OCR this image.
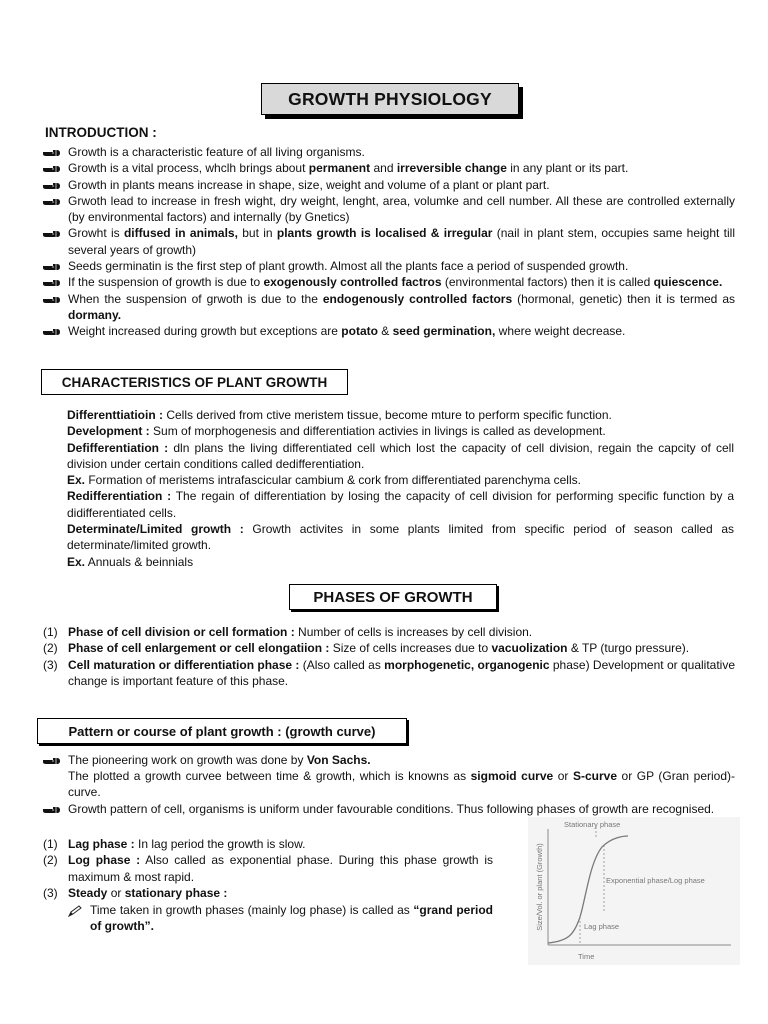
GROWTH PHYSIOLOGY
INTRODUCTION :
Growth is a characteristic feature of all living organisms.
Growth is a vital process, whclh brings about permanent and irreversible change in any plant or its part.
Growth in plants means increase in shape, size, weight and volume of a plant or plant part.
Grwoth lead to increase in fresh wight, dry weight, lenght, area, volumke and cell number. All these are controlled externally (by environmental factors) and internally (by Gnetics)
Growht is diffused in animals, but in plants growth is localised & irregular (nail in plant stem, occupies same height till several years of growth)
Seeds germinatin is the first step of plant growth. Almost all the plants face a period of suspended growth.
If the suspension of growth is due to exogenously controlled factros (environmental factors) then it is called quiescence.
When the suspension of grwoth is due to the endogenously controlled factors (hormonal, genetic) then it is termed as dormany.
Weight increased during growth but exceptions are potato & seed germination, where weight decrease.
CHARACTERISTICS OF PLANT GROWTH

Differenttiatioin : Cells derived from ctive meristem tissue, become mture to perform specific function.

Development : Sum of morphogenesis and differentiation activies in livings is called as development.

Defifferentiation : dln plans the living differentiated cell which lost the capacity of cell division, regain the capcity of cell division under certain conditions called dedifferentiation.

Ex. Formation of meristems intrafascicular cambium & cork from differentiated parenchyma cells.

Redifferentiation : The regain of differentiation by losing the capacity of cell division for performing specific function by a didifferentiated cells.

Determinate/Limited growth : Growth activites in some plants limited from specific period of season called as determinate/limited growth.

Ex. Annuals & beinnials

PHASES OF GROWTH
(1) Phase of cell division or cell formation : Number of cells is increases by cell division.
(2) Phase of cell enlargement or cell elongatiion : Size of cells increases due to vacuolization & TP (turgo pressure).
(3) Cell maturation or differentiation phase : (Also called as morphogenetic, organogenic phase) Development or qualitative change is important feature of this phase.
Pattern or course of plant growth : (growth curve)
The pioneering work on growth was done by Von Sachs.
The plotted a growth curvee between time & growth, which is knowns as sigmoid curve or S-curve or GP (Gran period)-curve.
Growth pattern of cell, organisms is uniform under favourable conditions. Thus following phases of growth are recognised.
(1) Lag phase : In lag period the growth is slow.
(2) Log phase : Also called as exponential phase. During this phase growth is maximum & most rapid.
(3) Steady or stationary phase :
Time taken in growth phases (mainly log phase) is called as “grand period of growth”.	Size/Vol. or plant (Growth)
Time
Stationary phase
Exponential phase/Log phase
Lag phase
